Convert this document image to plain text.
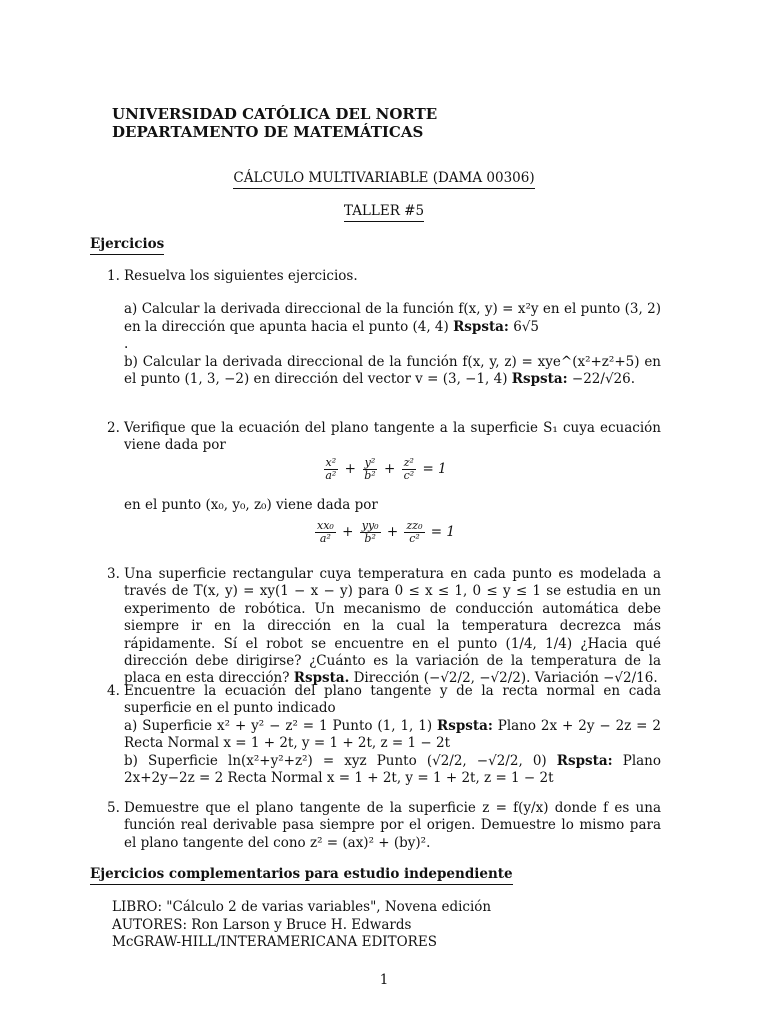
UNIVERSIDAD CATÓLICA DEL NORTE
DEPARTAMENTO DE MATEMÁTICAS
CÁLCULO MULTIVARIABLE (DAMA 00306)
TALLER #5
Ejercicios
1. Resuelva los siguientes ejercicios.
a) Calcular la derivada direccional de la función f(x, y) = x²y en el punto (3, 2) en la dirección que apunta hacia el punto (4, 4) Rspsta: 6√5
.
b) Calcular la derivada direccional de la función f(x, y, z) = xye^(x²+z²+5) en el punto (1, 3, −2) en dirección del vector v = (3, −1, 4) Rspsta: −22/√26.
2. Verifique que la ecuación del plano tangente a la superficie S₁ cuya ecuación viene dada por
$\frac{\text{x²}}{\text{a²}} + \frac{\text{y²}}{\text{b²}} + \frac{\text{z²}}{\text{c²}} = 1$
en el punto (x₀, y₀, z₀) viene dada por
$\frac{\text{xx₀}}{\text{a²}} + \frac{\text{yy₀}}{\text{b²}} + \frac{\text{zz₀}}{\text{c²}} = 1$
3. Una superficie rectangular cuya temperatura en cada punto es modelada a través de T(x, y) = xy(1 − x − y) para 0 ≤ x ≤ 1, 0 ≤ y ≤ 1 se estudia en un experimento de robótica. Un mecanismo de conducción automática debe siempre ir en la dirección en la cual la temperatura decrezca más rápidamente. Sí el robot se encuentre en el punto (1/4, 1/4) ¿Hacia qué dirección debe dirigirse? ¿Cuánto es la variación de la temperatura de la placa en esta dirección? Rspsta. Dirección (−√2/2, −√2/2). Variación −√2/16.
4. Encuentre la ecuación del plano tangente y de la recta normal en cada superficie en el punto indicado
a) Superficie x² + y² − z² = 1 Punto (1, 1, 1) Rspsta: Plano 2x + 2y − 2z = 2 Recta Normal x = 1 + 2t, y = 1 + 2t, z = 1 − 2t
b) Superficie ln(x²+y²+z²) = xyz Punto (√2/2, −√2/2, 0) Rspsta: Plano 2x+2y−2z = 2 Recta Normal x = 1 + 2t, y = 1 + 2t, z = 1 − 2t
5. Demuestre que el plano tangente de la superficie z = f(y/x) donde f es una función real derivable pasa siempre por el origen. Demuestre lo mismo para el plano tangente del cono z² = (ax)² + (by)².
Ejercicios complementarios para estudio independiente
LIBRO: "Cálculo 2 de varias variables", Novena edición
AUTORES: Ron Larson y Bruce H. Edwards
McGRAW-HILL/INTERAMERICANA EDITORES
1
